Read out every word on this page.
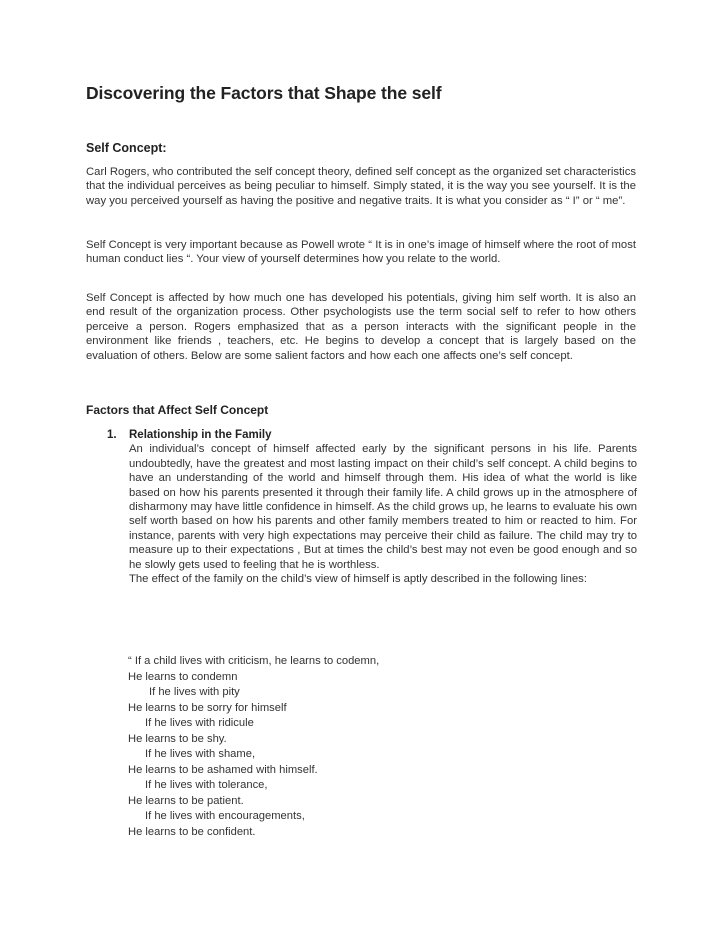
Discovering the Factors that Shape the self
Self Concept:
Carl Rogers, who contributed the self concept theory, defined self concept as the organized set characteristics that the individual perceives as being peculiar to himself. Simply stated, it is the way you see yourself. It is the way you perceived yourself as having the positive and negative traits. It is what you consider as “ I” or “ me”.
Self Concept is very important because as Powell wrote “ It is in one’s image of himself where the root of most human conduct lies “. Your view of yourself determines how you relate to the world.
Self Concept is affected by how much one has developed his potentials, giving him self worth. It is also an end result of the organization process. Other psychologists use the term social self to refer to how others perceive a person. Rogers emphasized that as a person interacts with the significant people in the environment like friends , teachers, etc. He begins to develop a concept that is largely based on the evaluation of others. Below are some salient factors and how each one affects one’s self concept.
Factors that Affect Self Concept
1.	Relationship in the Family
An individual’s concept of himself affected early by the significant persons in his life. Parents undoubtedly, have the greatest and most lasting impact on their child’s self concept. A child begins to have an understanding of the world and himself through them. His idea of what the world is like based on how his parents presented it through their family life. A child grows up in the atmosphere of disharmony may have little confidence in himself. As the child grows up, he learns to evaluate his own self worth based on how his parents and other family members treated to him or reacted to him. For instance, parents with very high expectations may perceive their child as failure. The child may try to measure up to their expectations , But at times the child’s best may not even be good enough and so he slowly gets used to feeling that he is worthless.
The effect of the family on the child’s view of himself is aptly described in the following lines:
“ If a child lives with criticism, he learns to codemn,
He learns to condemn
If he lives with pity
He learns to be sorry for himself
If he lives with ridicule
He learns to be shy.
If he lives with shame,
He learns to be ashamed with himself.
If he lives with tolerance,
He learns to be patient.
If he lives with encouragements,
He learns to be confident.
